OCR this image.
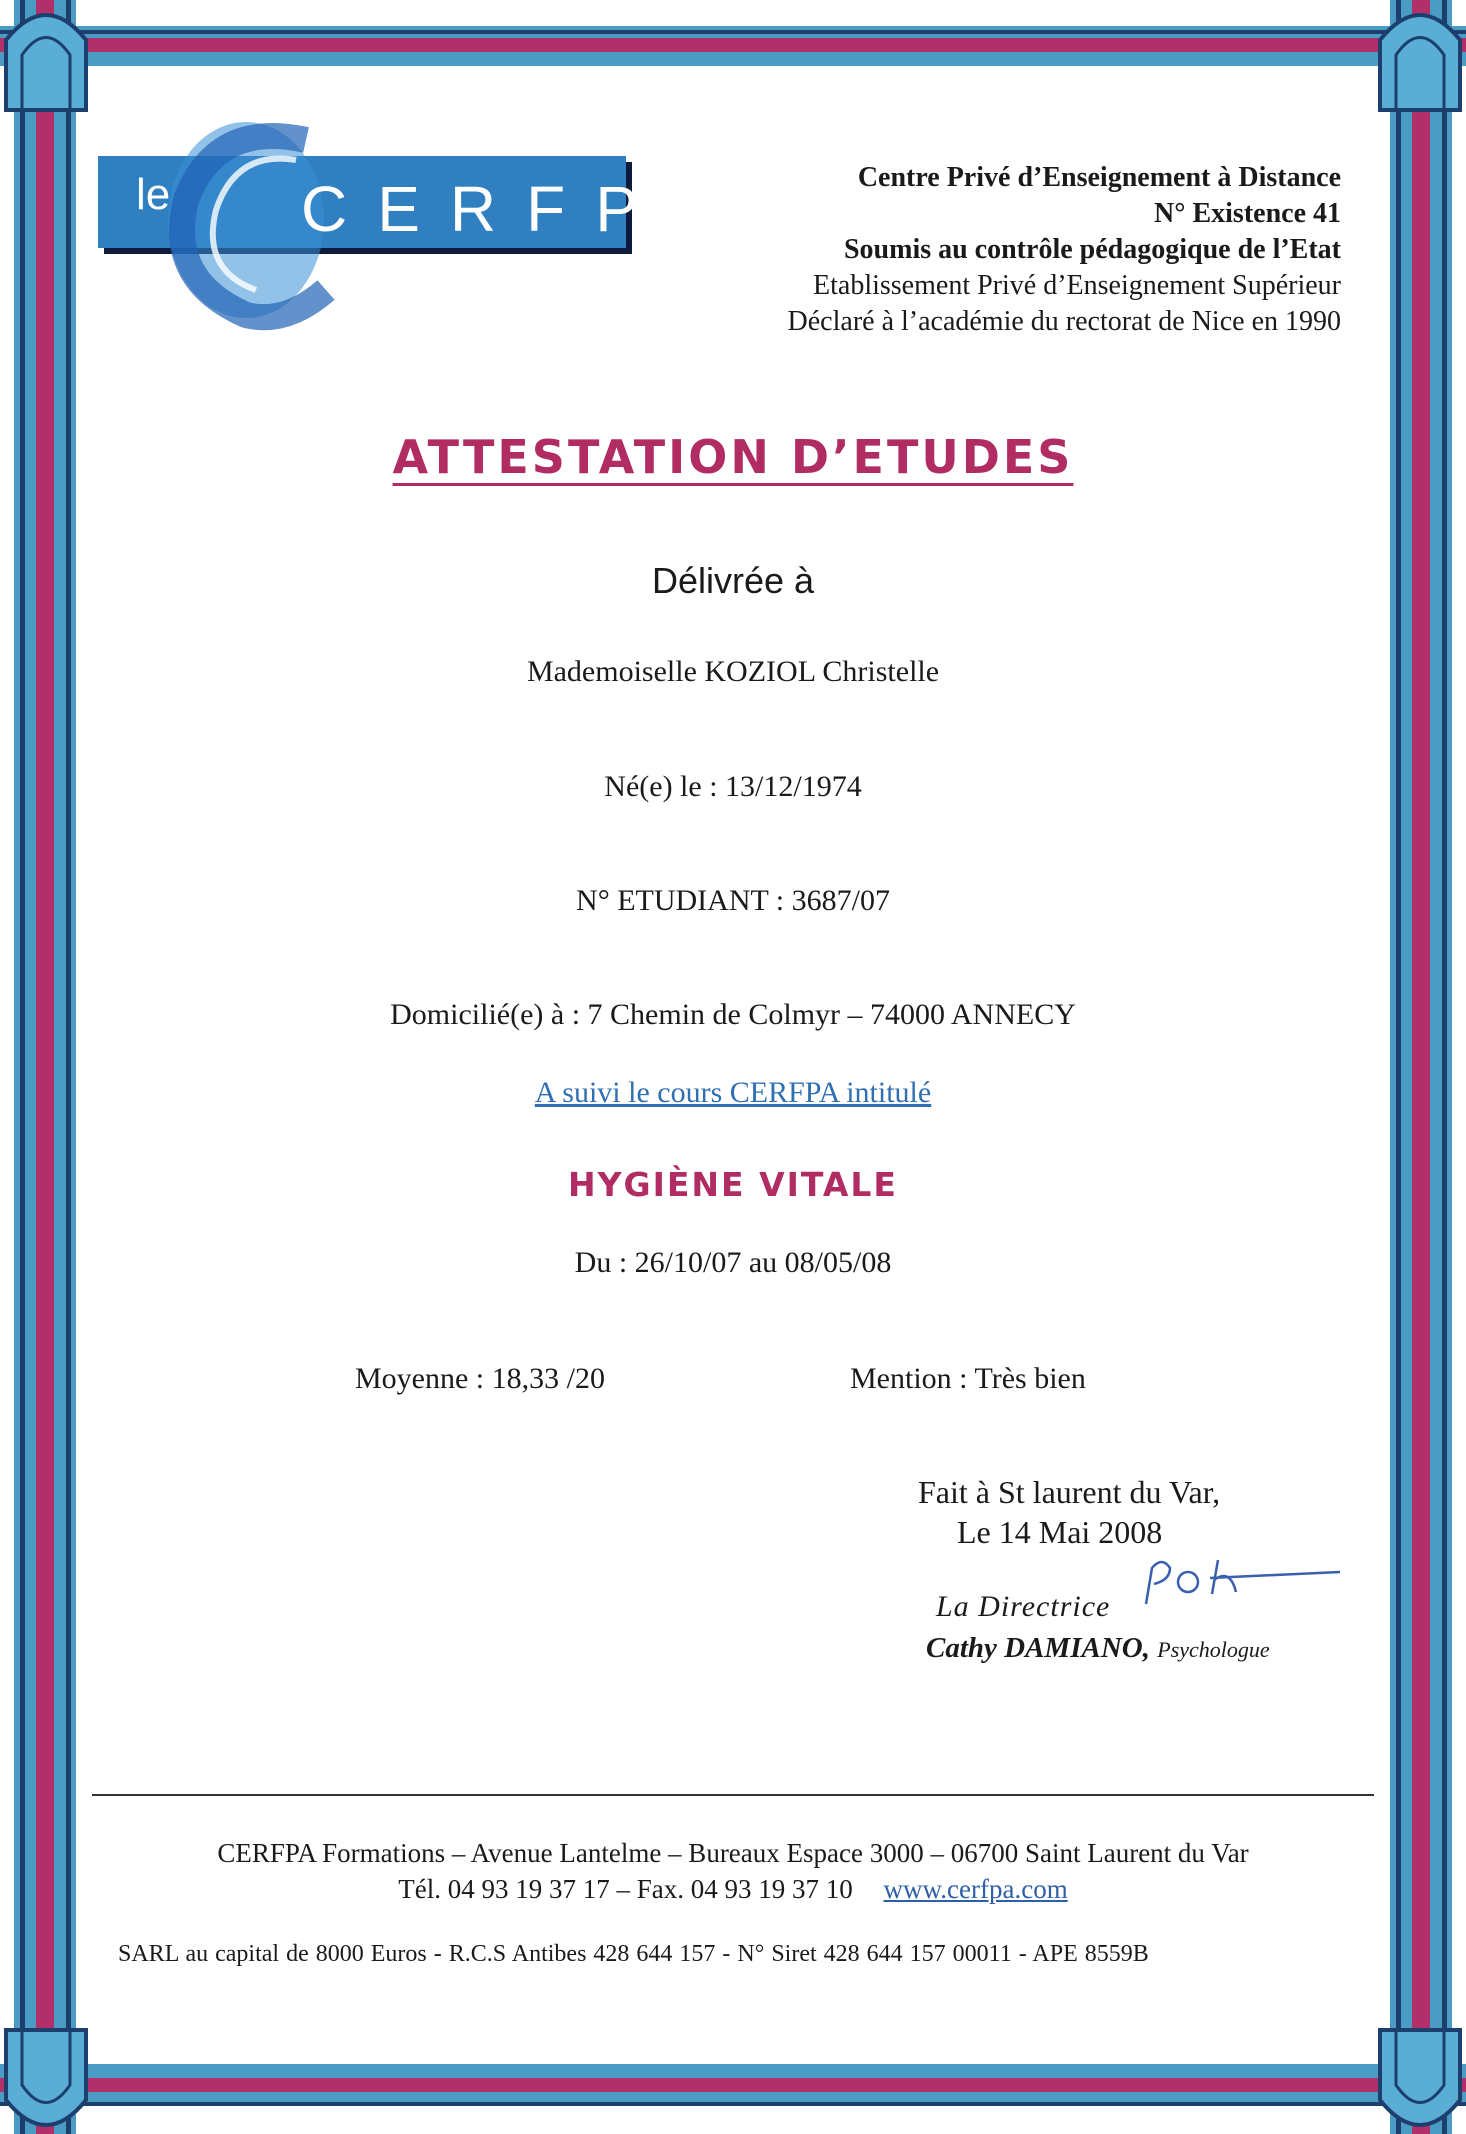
le CERFPA	Centre Privé d’Enseignement à Distance
N° Existence 41
Soumis au contrôle pédagogique de l’Etat
Etablissement Privé d’Enseignement Supérieur
Déclaré à l’académie du rectorat de Nice en 1990
ATTESTATION D’ETUDES
Délivrée à
Mademoiselle KOZIOL Christelle
Né(e) le : 13/12/1974
N° ETUDIANT : 3687/07
Domicilié(e) à : 7 Chemin de Colmyr – 74000 ANNECY
A suivi le cours CERFPA intitulé
HYGIÈNE VITALE
Du : 26/10/07 au 08/05/08
Moyenne : 18,33 /20	Mention : Très bien
Fait à St laurent du Var,
Le 14 Mai 2008
La Directrice
Cathy DAMIANO, Psychologue
CERFPA Formations – Avenue Lantelme – Bureaux Espace 3000 – 06700 Saint Laurent du Var
Tél. 04 93 19 37 17 – Fax. 04 93 19 37 10 www.cerfpa.com
SARL au capital de 8000 Euros - R.C.S Antibes 428 644 157 - N° Siret 428 644 157 00011 - APE 8559B
